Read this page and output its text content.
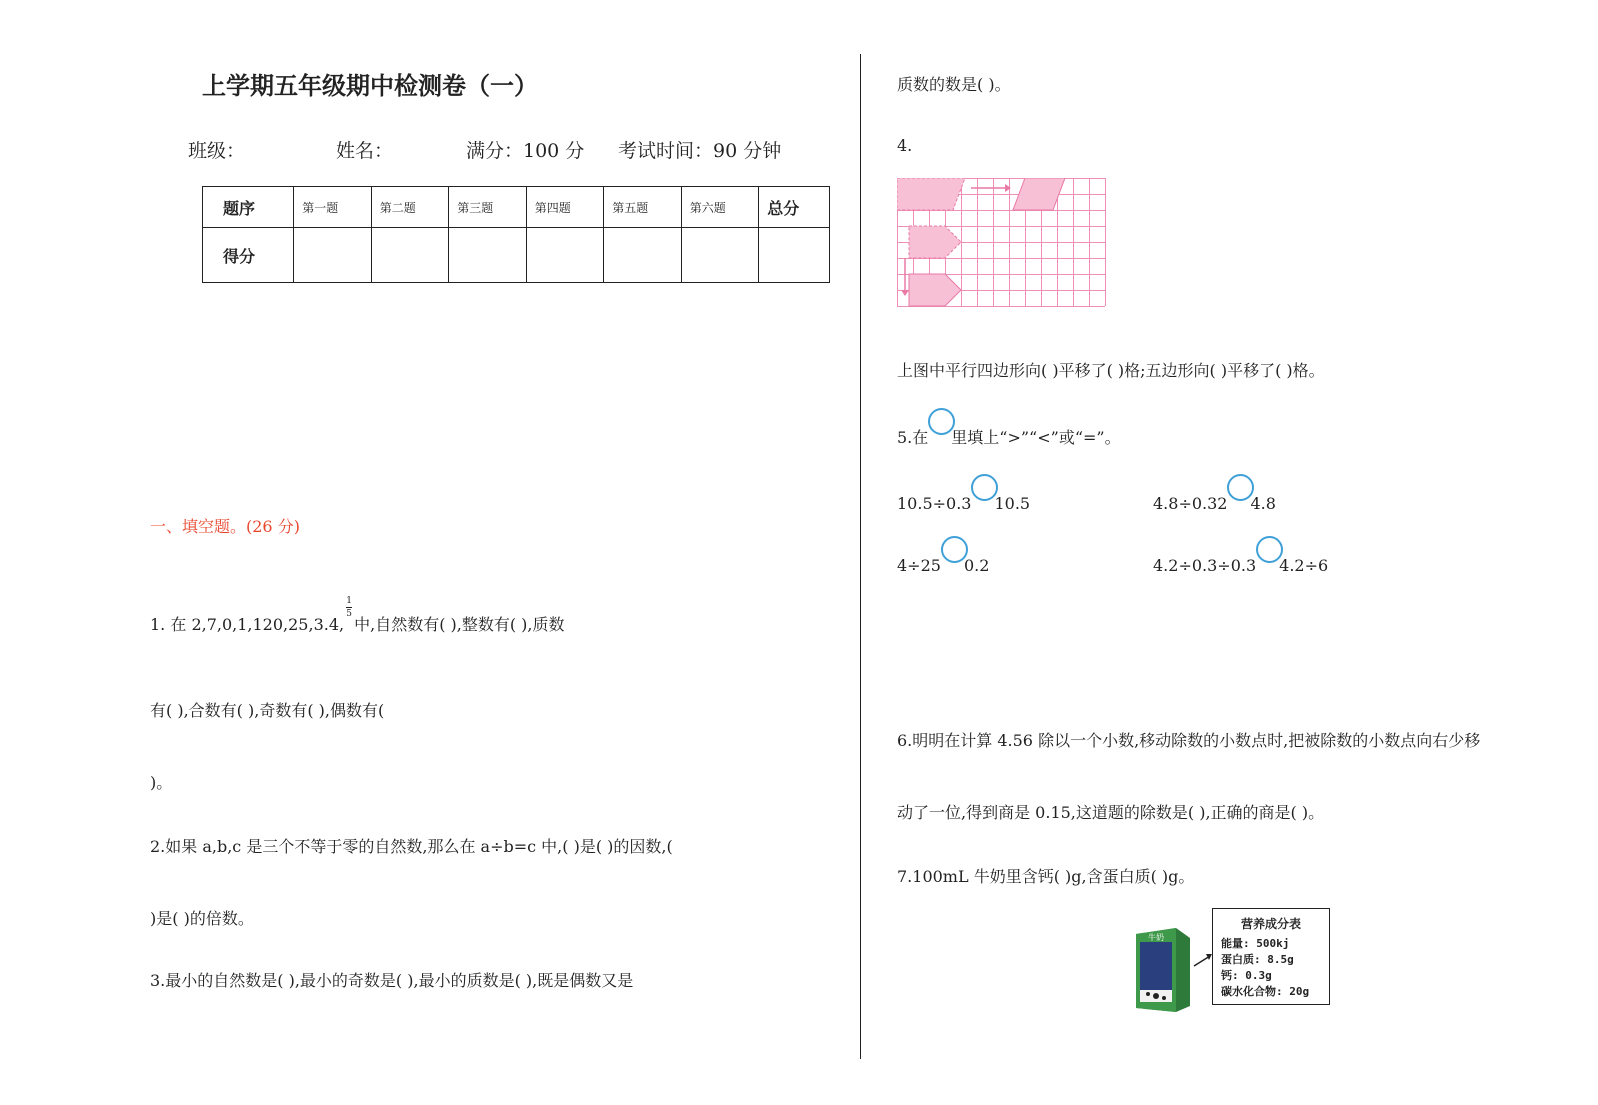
上学期五年级期中检测卷（一）
班级：	姓名：	满分：100 分 考试时间：90 分钟
题序	第一题	第二题	第三题	第四题	第五题	第六题	总分
得分							
一、填空题。(26 分)
1. 在 2,7,0,1,120,25,3.4,
$\frac{1}{5}$
中,自然数有( ),整数有( ),质数
有( ),合数有( ),奇数有( ),偶数有(
)。
2.如果 a,b,c 是三个不等于零的自然数,那么在 a÷b=c 中,( )是( )的因数,(
)是( )的倍数。
3.最小的自然数是( ),最小的奇数是( ),最小的质数是( ),既是偶数又是
质数的数是( )。
4.
上图中平行四边形向( )平移了( )格;五边形向( )平移了( )格。
5.在 里填上“>”“<”或“=”。
10.5÷0.3 10.5	4.8÷0.32 4.8
4÷25 0.2	4.2÷0.3÷0.3 4.2÷6
6.明明在计算 4.56 除以一个小数,移动除数的小数点时,把被除数的小数点向右少移
动了一位,得到商是 0.15,这道题的除数是( ),正确的商是( )。
7.100mL 牛奶里含钙( )g,含蛋白质( )g。
牛奶
营养成分表
能量: 500kj
蛋白质: 8.5g
钙: 0.3g
碳水化合物: 20g
